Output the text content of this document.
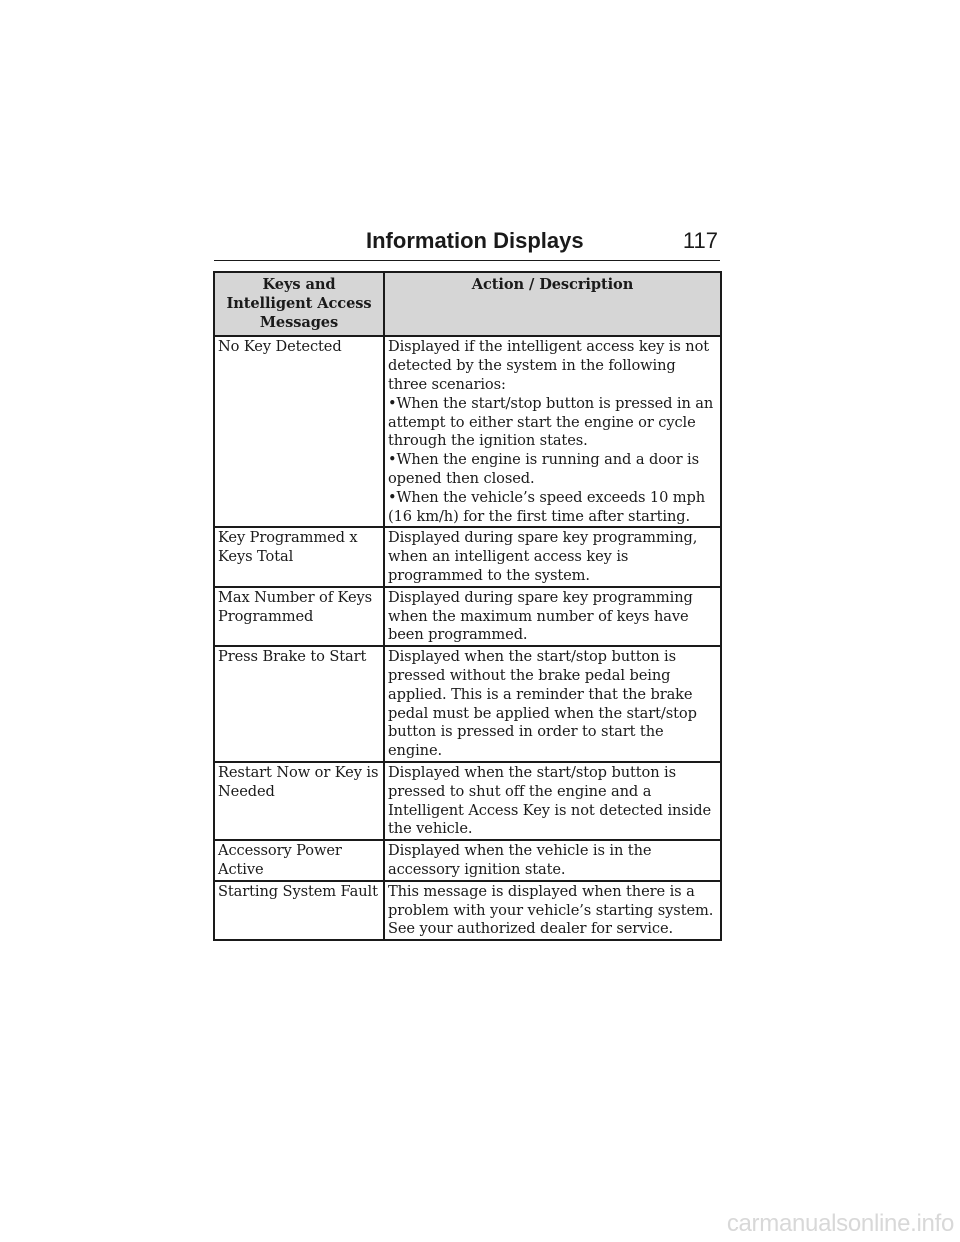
Information Displays	117
Keys and Intelligent Access Messages	Action / Description
No Key Detected	Displayed if the intelligent access key is not detected by the system in the following three scenarios:
•When the start/stop button is pressed in an attempt to either start the engine or cycle through the ignition states.
•When the engine is running and a door is opened then closed.
•When the vehicle’s speed exceeds 10 mph (16 km/h) for the first time after starting.

Key Programmed x Keys Total	Displayed during spare key programming, when an intelligent access key is programmed to the system.

Max Number of Keys Programmed	Displayed during spare key programming when the maximum number of keys have been programmed.

Press Brake to Start	Displayed when the start/stop button is pressed without the brake pedal being applied. This is a reminder that the brake pedal must be applied when the start/stop button is pressed in order to start the engine.

Restart Now or Key is Needed	Displayed when the start/stop button is pressed to shut off the engine and a Intelligent Access Key is not detected inside the vehicle.

Accessory Power Active	Displayed when the vehicle is in the accessory ignition state.

Starting System Fault	This message is displayed when there is a problem with your vehicle’s starting system. See your authorized dealer for service.
carmanualsonline.info
